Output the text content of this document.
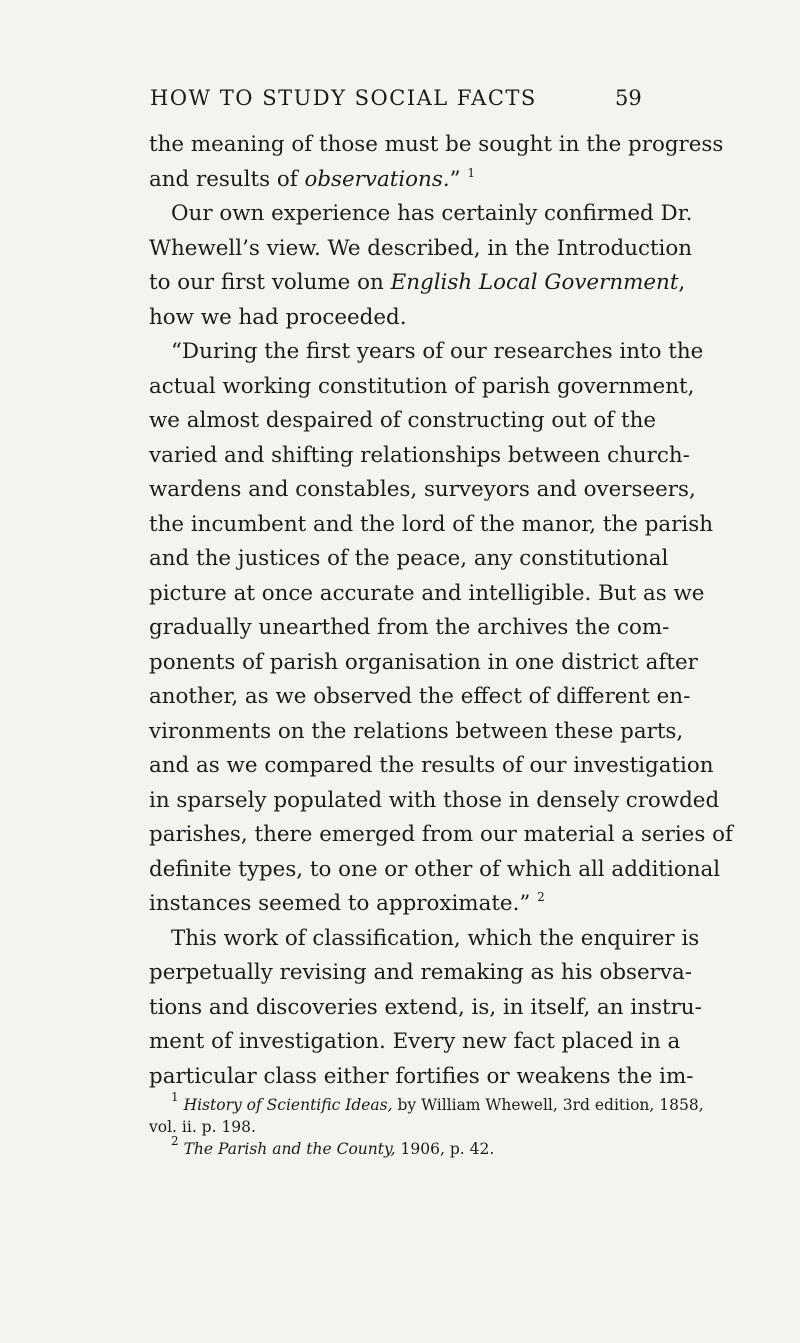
HOW TO STUDY SOCIAL FACTS	59
the meaning of those must be sought in the progress
and results of observations.” $^1$
Our own experience has certainly confirmed Dr.
Whewell’s view. We described, in the Introduction
to our first volume on English Local Government,
how we had proceeded.
“During the first years of our researches into the
actual working constitution of parish government,
we almost despaired of constructing out of the
varied and shifting relationships between church-
wardens and constables, surveyors and overseers,
the incumbent and the lord of the manor, the parish
and the justices of the peace, any constitutional
picture at once accurate and intelligible. But as we
gradually unearthed from the archives the com-
ponents of parish organisation in one district after
another, as we observed the effect of different en-
vironments on the relations between these parts,
and as we compared the results of our investigation
in sparsely populated with those in densely crowded
parishes, there emerged from our material a series of
definite types, to one or other of which all additional
instances seemed to approximate.” $^2$
This work of classification, which the enquirer is
perpetually revising and remaking as his observa-
tions and discoveries extend, is, in itself, an instru-
ment of investigation. Every new fact placed in a
particular class either fortifies or weakens the im-
$^1$ History of Scientific Ideas, by William Whewell, 3rd edition, 1858,
vol. ii. p. 198.
$^2$ The Parish and the County, 1906, p. 42.
